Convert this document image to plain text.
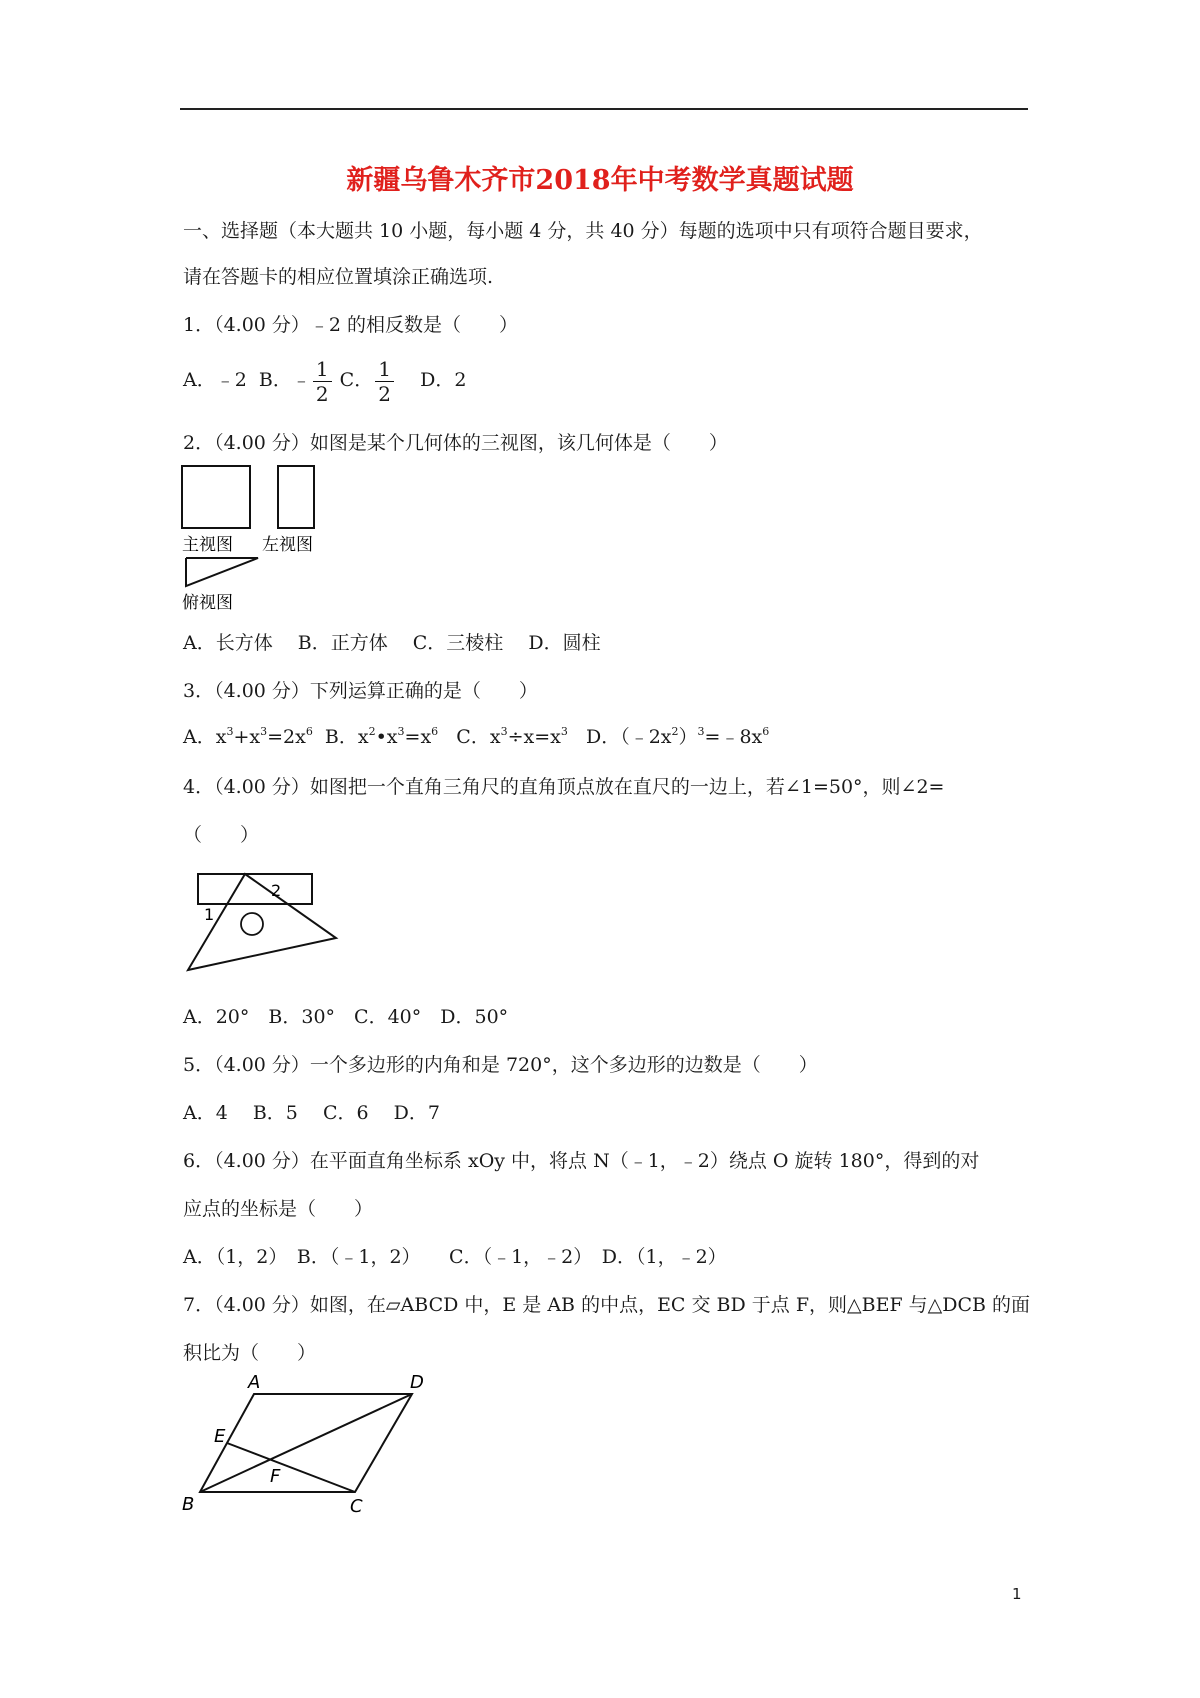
新疆乌鲁木齐市2018年中考数学真题试题
一、选择题（本大题共 10 小题，每小题 4 分，共 40 分）每题的选项中只有项符合题目要求，
请在答题卡的相应位置填涂正确选项.
1．（4.00 分）﹣2 的相反数是（　　）
A．﹣2 B．﹣ $\frac{1}{2}$ C． $\frac{1}{2}$ D．2
2．（4.00 分）如图是某个几何体的三视图，该几何体是（　　）
主视图 左视图
俯视图
A．长方体　 B．正方体　 C．三棱柱　 D．圆柱
3．（4.00 分）下列运算正确的是（　　）
A．$x^3+x^3=2x^6$ B．$x^2•x^3=x^6$ C．$x^3\div x=x^3$ D．$(﹣2x^2)^3=﹣8x^6$
4．（4.00 分）如图把一个直角三角尺的直角顶点放在直尺的一边上，若∠1=50°，则∠2=
（　　）
1
2
A．20°　B．30°　C．40°　D．50°
5．（4.00 分）一个多边形的内角和是 720°，这个多边形的边数是（　　）
A．4　 B．5　 C．6　 D．7
6．（4.00 分）在平面直角坐标系 xOy 中，将点 N（﹣1，﹣2）绕点 O 旋转 180°，得到的对
应点的坐标是（　　）
A．（1，2）　B．（﹣1，2）　　C．（﹣1，﹣2）　D．（1，﹣2）
7．（4.00 分）如图，在▱ABCD 中，E 是 AB 的中点，EC 交 BD 于点 F，则△BEF 与△DCB 的面
积比为（　　）
A	D
E
F
B	C
1
